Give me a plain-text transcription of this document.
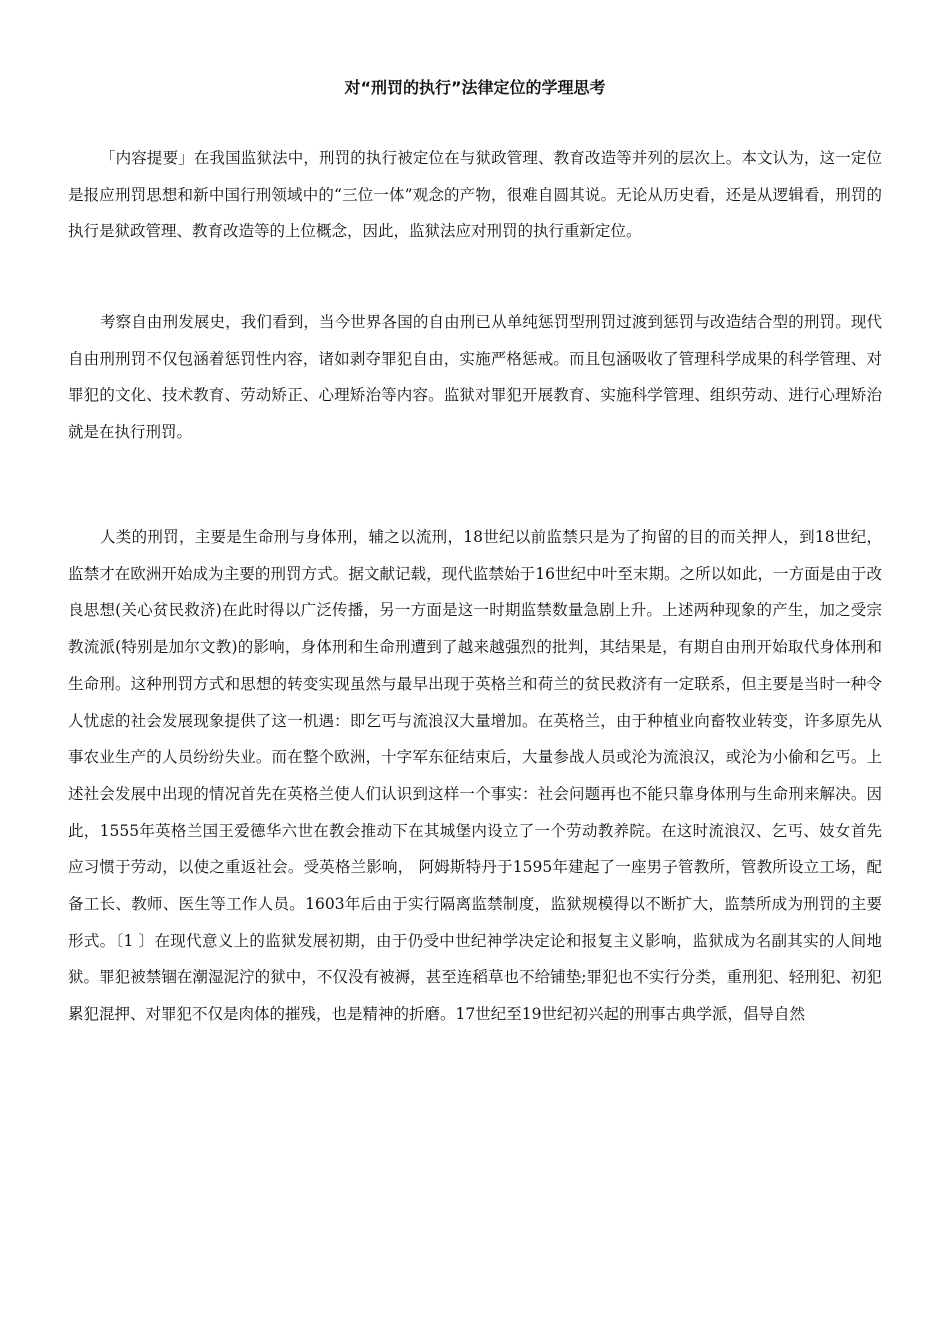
对“刑罚的执行”法律定位的学理思考

「内容提要」在我国监狱法中，刑罚的执行被定位在与狱政管理、教育改造等并列的层次上。本文认为，这一定位是报应刑罚思想和新中国行刑领域中的“三位一体”观念的产物，很难自圆其说。无论从历史看，还是从逻辑看，刑罚的执行是狱政管理、教育改造等的上位概念，因此，监狱法应对刑罚的执行重新定位。

考察自由刑发展史，我们看到，当今世界各国的自由刑已从单纯惩罚型刑罚过渡到惩罚与改造结合型的刑罚。现代自由刑刑罚不仅包涵着惩罚性内容，诸如剥夺罪犯自由，实施严格惩戒。而且包涵吸收了管理科学成果的科学管理、对罪犯的文化、技术教育、劳动矫正、心理矫治等内容。监狱对罪犯开展教育、实施科学管理、组织劳动、进行心理矫治就是在执行刑罚。

人类的刑罚，主要是生命刑与身体刑，辅之以流刑，18世纪以前监禁只是为了拘留的目的而关押人，到18世纪，监禁才在欧洲开始成为主要的刑罚方式。据文献记载，现代监禁始于16世纪中叶至末期。之所以如此，一方面是由于改良思想(关心贫民救济)在此时得以广泛传播，另一方面是这一时期监禁数量急剧上升。上述两种现象的产生，加之受宗教流派(特别是加尔文教)的影响，身体刑和生命刑遭到了越来越强烈的批判，其结果是，有期自由刑开始取代身体刑和生命刑。这种刑罚方式和思想的转变实现虽然与最早出现于英格兰和荷兰的贫民救济有一定联系，但主要是当时一种令人忧虑的社会发展现象提供了这一机遇：即乞丐与流浪汉大量增加。在英格兰，由于种植业向畜牧业转变，许多原先从事农业生产的人员纷纷失业。而在整个欧洲，十字军东征结束后，大量参战人员或沦为流浪汉，或沦为小偷和乞丐。上述社会发展中出现的情况首先在英格兰使人们认识到这样一个事实：社会问题再也不能只靠身体刑与生命刑来解决。因此，1555年英格兰国王爱德华六世在教会推动下在其城堡内设立了一个劳动教养院。在这时流浪汉、乞丐、妓女首先应习惯于劳动，以使之重返社会。受英格兰影响， 阿姆斯特丹于1595年建起了一座男子管教所，管教所设立工场，配备工长、教师、医生等工作人员。1603年后由于实行隔离监禁制度，监狱规模得以不断扩大，监禁所成为刑罚的主要形式。〔1 〕在现代意义上的监狱发展初期，由于仍受中世纪神学决定论和报复主义影响，监狱成为名副其实的人间地狱。罪犯被禁锢在潮湿泥泞的狱中，不仅没有被褥，甚至连稻草也不给铺垫;罪犯也不实行分类，重刑犯、轻刑犯、初犯累犯混押、对罪犯不仅是肉体的摧残，也是精神的折磨。17世纪至19世纪初兴起的刑事古典学派，倡导自然
